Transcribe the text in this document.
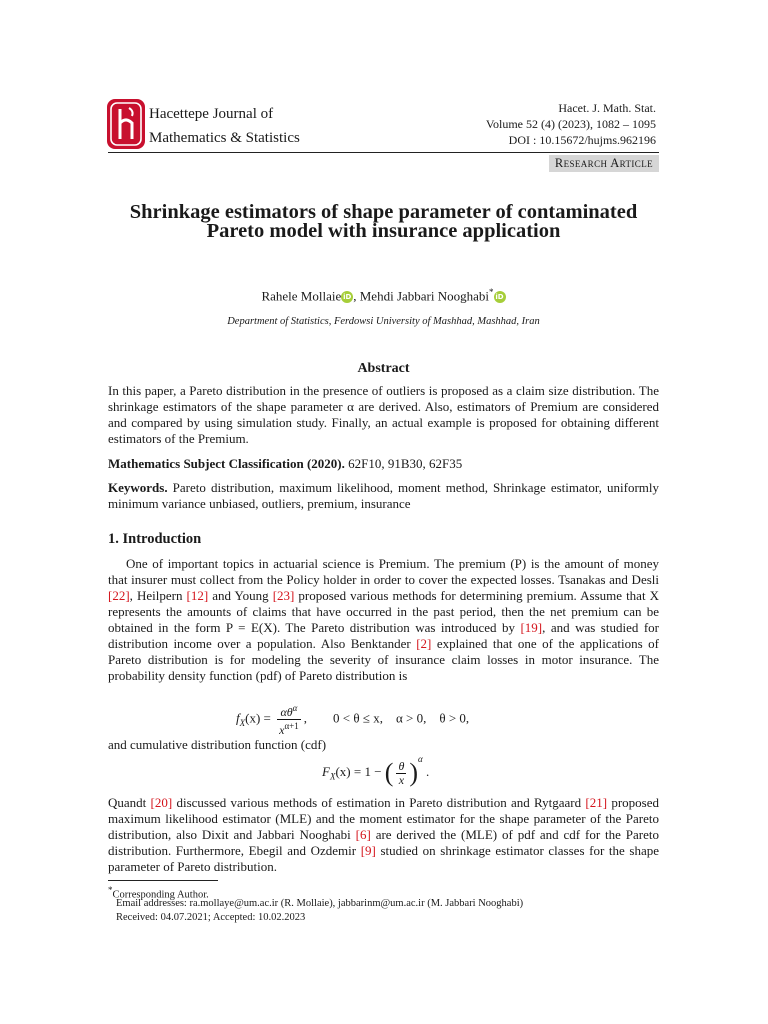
Hacettepe Journal of
Mathematics & Statistics
Hacet. J. Math. Stat.
Volume 52 (4) (2023), 1082 – 1095
DOI : 10.15672/hujms.962196
Research Article
Shrinkage estimators of shape parameter of contaminated Pareto model with insurance application
Rahele Mollaie iD , Mehdi Jabbari Nooghabi*iD
Department of Statistics, Ferdowsi University of Mashhad, Mashhad, Iran
Abstract
In this paper, a Pareto distribution in the presence of outliers is proposed as a claim size distribution. The shrinkage estimators of the shape parameter α are derived. Also, estimators of Premium are considered and compared by using simulation study. Finally, an actual example is proposed for obtaining different estimators of the Premium.
Mathematics Subject Classification (2020). 62F10, 91B30, 62F35
Keywords. Pareto distribution, maximum likelihood, moment method, Shrinkage estimator, uniformly minimum variance unbiased, outliers, premium, insurance
1. Introduction
One of important topics in actuarial science is Premium. The premium (P) is the amount of money that insurer must collect from the Policy holder in order to cover the expected losses. Tsanakas and Desli [22], Heilpern [12] and Young [23] proposed various methods for determining premium. Assume that X represents the amounts of claims that have occurred in the past period, then the net premium can be obtained in the form P = E(X). The Pareto distribution was introduced by [19], and was studied for distribution income over a population. Also Benktander [2] explained that one of the applications of Pareto distribution is for modeling the severity of insurance claim losses in motor insurance. The probability density function (pdf) of Pareto distribution is
$f_X(x) = \frac{\alpha\theta^\alpha}{x^{\alpha+1}}$ ,        0 < θ ≤ x,    α > 0,    θ > 0,
and cumulative distribution function (cdf)
$F_X(x) = 1$ − ( $\frac{\theta}{x} )^\alpha$ .
Quandt [20] discussed various methods of estimation in Pareto distribution and Rytgaard [21] proposed maximum likelihood estimator (MLE) and the moment estimator for the shape parameter of the Pareto distribution, also Dixit and Jabbari Nooghabi [6] are derived the (MLE) of pdf and cdf for the Pareto distribution. Furthermore, Ebegil and Ozdemir [9] studied on shrinkage estimator classes for the shape parameter of Pareto distribution.
*Corresponding Author.
Email addresses: ra.mollaye@um.ac.ir (R. Mollaie), jabbarinm@um.ac.ir (M. Jabbari Nooghabi)
Received: 04.07.2021; Accepted: 10.02.2023
